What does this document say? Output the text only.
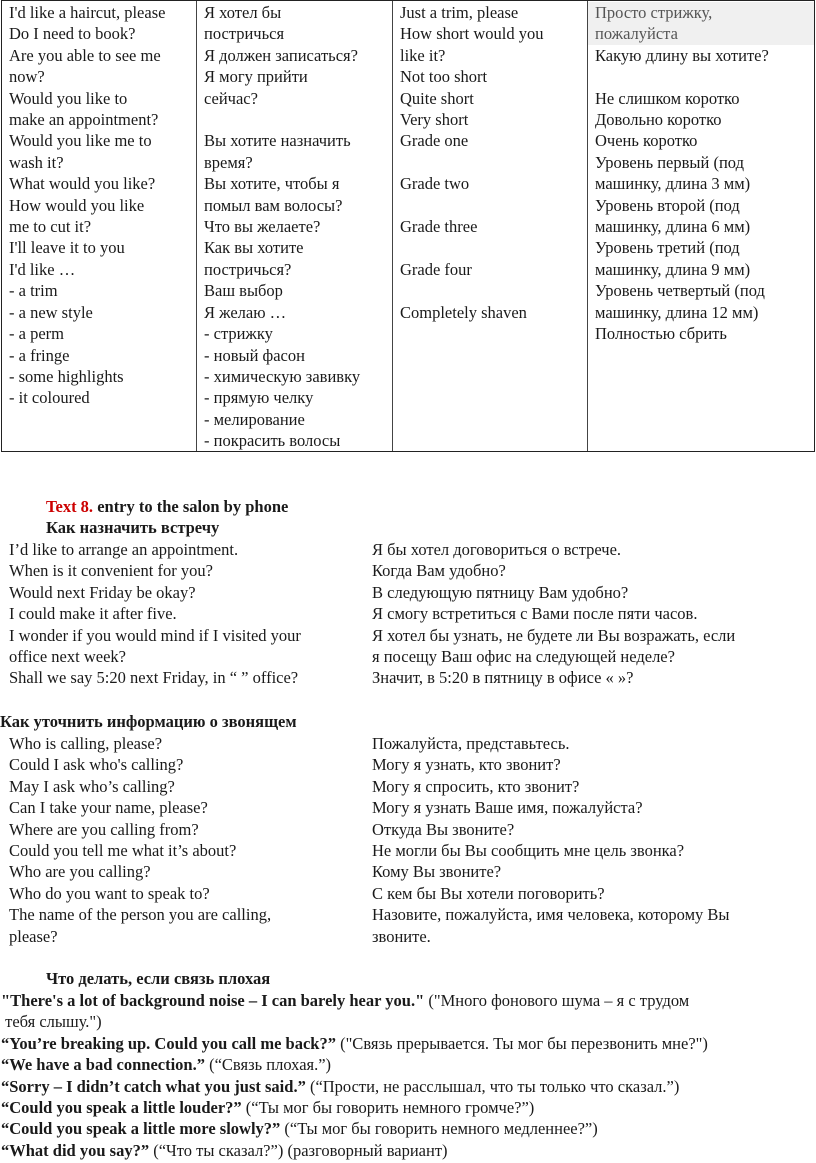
I'd like a haircut, please
Do I need to book?
Are you able to see me
now?
Would you like to
make an appointment?
Would you like me to
wash it?
What would you like?
How would you like
me to cut it?
I'll leave it to you
I'd like …
- a trim
- a new style
- a perm
- a fringe
- some highlights
- it coloured
Я хотел бы
постричься
Я должен записаться?
Я могу прийти
сейчас?

Вы хотите назначить
время?
Вы хотите, чтобы я
помыл вам волосы?
Что вы желаете?
Как вы хотите
постричься?
Ваш выбор
Я желаю …
- стрижку
- новый фасон
- химическую завивку
- прямую челку
- мелирование
- покрасить волосы
Just a trim, please
How short would you
like it?
Not too short
Quite short
Very short
Grade one

Grade two

Grade three

Grade four

Completely shaven
Просто стрижку,
пожалуйста
Какую длину вы хотите?

Не слишком коротко
Довольно коротко
Очень коротко
Уровень первый (под
машинку, длина 3 мм)
Уровень второй (под
машинку, длина 6 мм)
Уровень третий (под
машинку, длина 9 мм)
Уровень четвертый (под
машинку, длина 12 мм)
Полностью сбрить
Text 8. entry to the salon by phone
Как назначить встречу
I’d like to arrange an appointment.
When is it convenient for you?
Would next Friday be okay?
I could make it after five.
I wonder if you would mind if I visited your
office next week?
Shall we say 5:20 next Friday, in “ ” office?
Я бы хотел договориться о встрече.
Когда Вам удобно?
В следующую пятницу Вам удобно?
Я смогу встретиться с Вами после пяти часов.
Я хотел бы узнать, не будете ли Вы возражать, если
я посещу Ваш офис на следующей неделе?
Значит, в 5:20 в пятницу в офисе « »?
Как уточнить информацию о звонящем
Who is calling, please?
Could I ask who's calling?
May I ask who’s calling?
Can I take your name, please?
Where are you calling from?
Could you tell me what it’s about?
Who are you calling?
Who do you want to speak to?
The name of the person you are calling,
please?
Пожалуйста, представьтесь.
Могу я узнать, кто звонит?
Могу я спросить, кто звонит?
Могу я узнать Ваше имя, пожалуйста?
Откуда Вы звоните?
Не могли бы Вы сообщить мне цель звонка?
Кому Вы звоните?
С кем бы Вы хотели поговорить?
Назовите, пожалуйста, имя человека, которому Вы
звоните.
Что делать, если связь плохая
"There's a lot of background noise – I can barely hear you." ("Много фонового шума – я с трудом
тебя слышу.")
“You’re breaking up. Could you call me back?” ("Связь прерывается. Ты мог бы перезвонить мне?")
“We have a bad connection.” (“Связь плохая.”)
“Sorry – I didn’t catch what you just said.” (“Прости, не расслышал, что ты только что сказал.”)
“Could you speak a little louder?” (“Ты мог бы говорить немного громче?”)
“Could you speak a little more slowly?” (“Ты мог бы говорить немного медленнее?”)
“What did you say?” (“Что ты сказал?”) (разговорный вариант)
